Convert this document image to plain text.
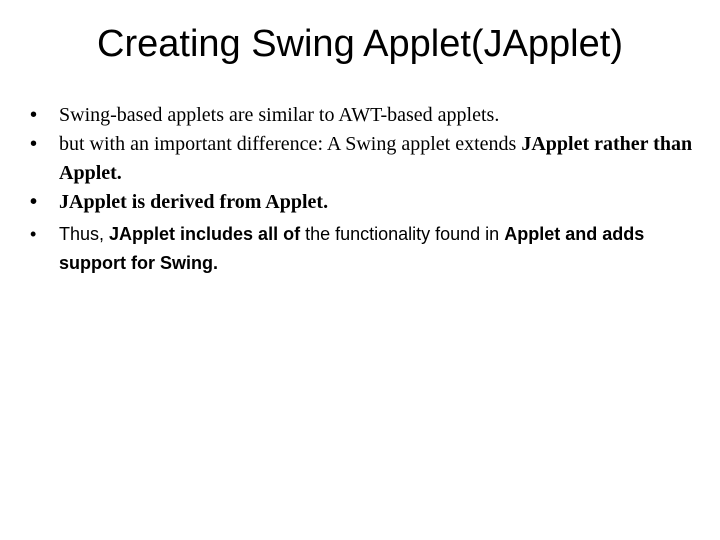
Creating Swing Applet(JApplet)
•	Swing-based applets are similar to AWT-based applets.
•	but with an important difference: A Swing applet extends JApplet rather than Applet.
•	JApplet is derived from Applet.
•	Thus, JApplet includes all of the functionality found in Applet and adds support for Swing.
